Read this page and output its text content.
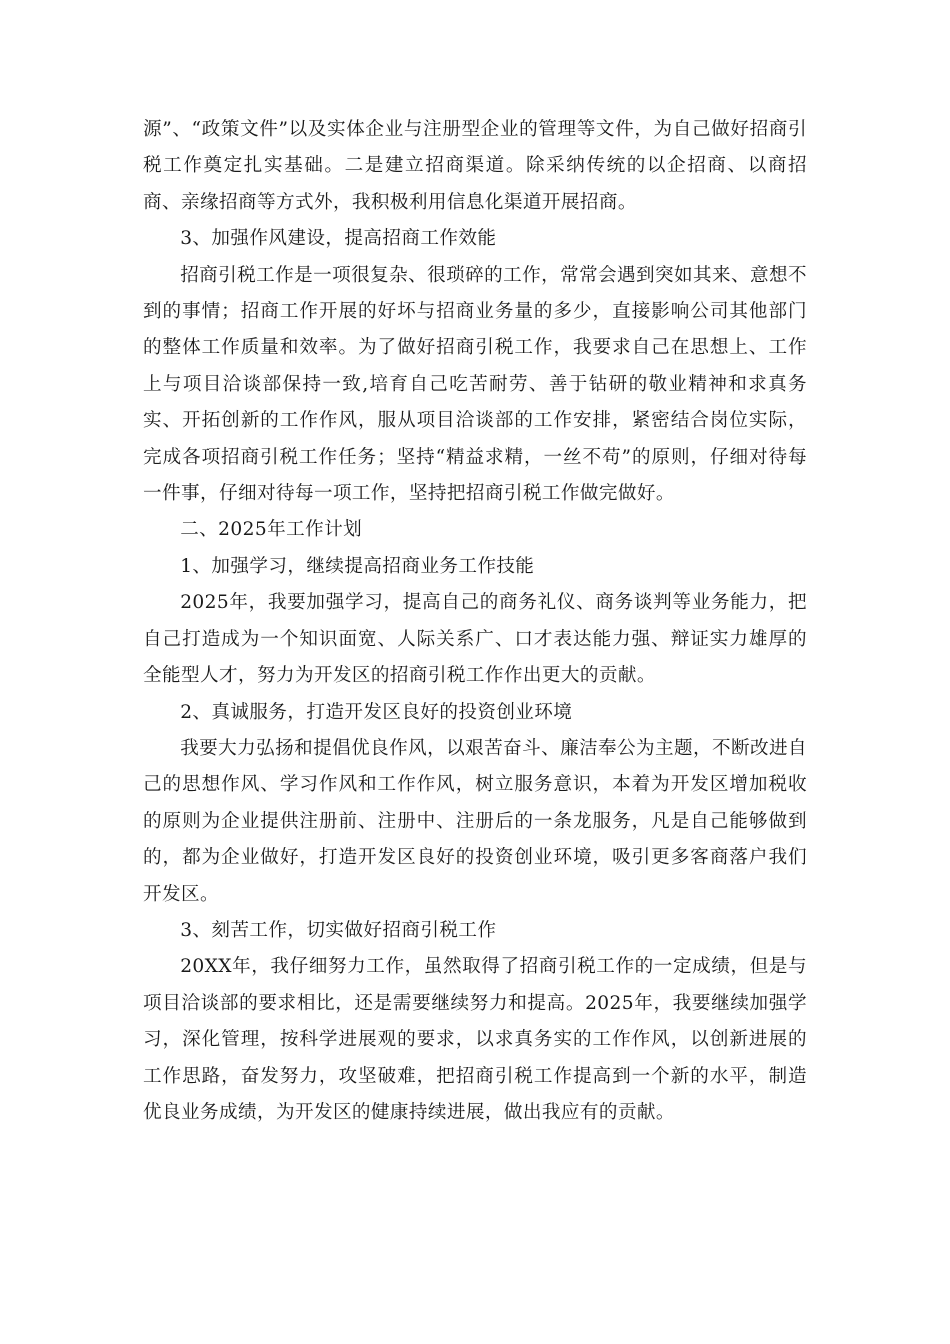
源”、“政策文件”以及实体企业与注册型企业的管理等文件，为自己做好招商引税工作奠定扎实基础。二是建立招商渠道。除采纳传统的以企招商、以商招商、亲缘招商等方式外，我积极利用信息化渠道开展招商。

3、加强作风建设，提高招商工作效能

招商引税工作是一项很复杂、很琐碎的工作，常常会遇到突如其来、意想不到的事情；招商工作开展的好坏与招商业务量的多少，直接影响公司其他部门的整体工作质量和效率。为了做好招商引税工作，我要求自己在思想上、工作上与项目洽谈部保持一致,培育自己吃苦耐劳、善于钻研的敬业精神和求真务实、开拓创新的工作作风，服从项目洽谈部的工作安排，紧密结合岗位实际，完成各项招商引税工作任务；坚持“精益求精，一丝不苟”的原则，仔细对待每一件事，仔细对待每一项工作，坚持把招商引税工作做完做好。

二、2025年工作计划

1、加强学习，继续提高招商业务工作技能

2025年，我要加强学习，提高自己的商务礼仪、商务谈判等业务能力，把自己打造成为一个知识面宽、人际关系广、口才表达能力强、辩证实力雄厚的全能型人才，努力为开发区的招商引税工作作出更大的贡献。

2、真诚服务，打造开发区良好的投资创业环境

我要大力弘扬和提倡优良作风，以艰苦奋斗、廉洁奉公为主题，不断改进自己的思想作风、学习作风和工作作风，树立服务意识，本着为开发区增加税收的原则为企业提供注册前、注册中、注册后的一条龙服务，凡是自己能够做到的，都为企业做好，打造开发区良好的投资创业环境，吸引更多客商落户我们开发区。

3、刻苦工作，切实做好招商引税工作

20XX年，我仔细努力工作，虽然取得了招商引税工作的一定成绩，但是与项目洽谈部的要求相比，还是需要继续努力和提高。2025年，我要继续加强学习，深化管理，按科学进展观的要求，以求真务实的工作作风，以创新进展的工作思路，奋发努力，攻坚破难，把招商引税工作提高到一个新的水平，制造优良业务成绩，为开发区的健康持续进展，做出我应有的贡献。
